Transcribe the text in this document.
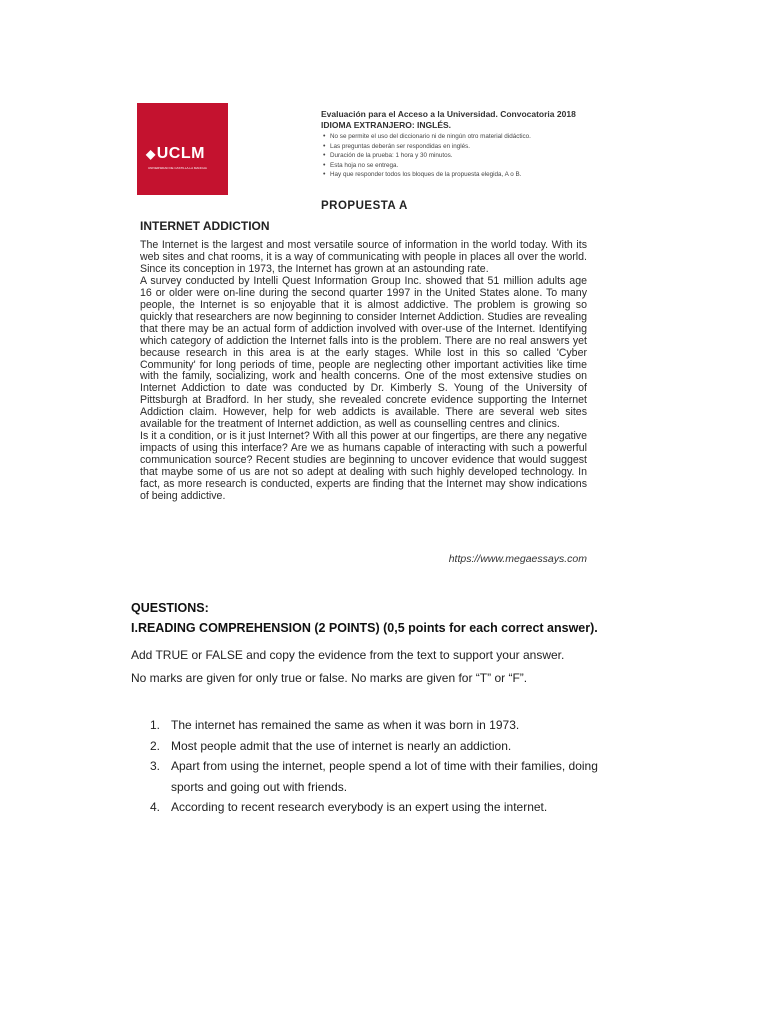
◆UCLM
UNIVERSIDAD DE CASTILLA-LA MANCHA
Evaluación para el Acceso a la Universidad. Convocatoria 2018
IDIOMA EXTRANJERO: INGLÉS.
• No se permite el uso del diccionario ni de ningún otro material didáctico.
• Las preguntas deberán ser respondidas en inglés.
• Duración de la prueba: 1 hora y 30 minutos.
• Esta hoja no se entrega.
• Hay que responder todos los bloques de la propuesta elegida, A o B.
PROPUESTA A
INTERNET ADDICTION

The Internet is the largest and most versatile source of information in the world today. With its web sites and chat rooms, it is a way of communicating with people in places all over the world. Since its conception in 1973, the Internet has grown at an astounding rate.

A survey conducted by Intelli Quest Information Group Inc. showed that 51 million adults age 16 or older were on-line during the second quarter 1997 in the United States alone. To many people, the Internet is so enjoyable that it is almost addictive. The problem is growing so quickly that researchers are now beginning to consider Internet Addiction. Studies are revealing that there may be an actual form of addiction involved with over-use of the Internet. Identifying which category of addiction the Internet falls into is the problem. There are no real answers yet because research in this area is at the early stages. While lost in this so called 'Cyber Community' for long periods of time, people are neglecting other important activities like time with the family, socializing, work and health concerns. One of the most extensive studies on Internet Addiction to date was conducted by Dr. Kimberly S. Young of the University of Pittsburgh at Bradford. In her study, she revealed concrete evidence supporting the Internet Addiction claim. However, help for web addicts is available. There are several web sites available for the treatment of Internet addiction, as well as counselling centres and clinics.

Is it a condition, or is it just Internet? With all this power at our fingertips, are there any negative impacts of using this interface? Are we as humans capable of interacting with such a powerful communication source? Recent studies are beginning to uncover evidence that would suggest that maybe some of us are not so adept at dealing with such highly developed technology. In fact, as more research is conducted, experts are finding that the Internet may show indications of being addictive.

https://www.megaessays.com
QUESTIONS:
I.READING COMPREHENSION (2 POINTS) (0,5 points for each correct answer).
Add TRUE or FALSE and copy the evidence from the text to support your answer.
No marks are given for only true or false. No marks are given for “T” or “F”.
1. The internet has remained the same as when it was born in 1973.
2. Most people admit that the use of internet is nearly an addiction.
3. Apart from using the internet, people spend a lot of time with their families, doing sports and going out with friends.
4. According to recent research everybody is an expert using the internet.
